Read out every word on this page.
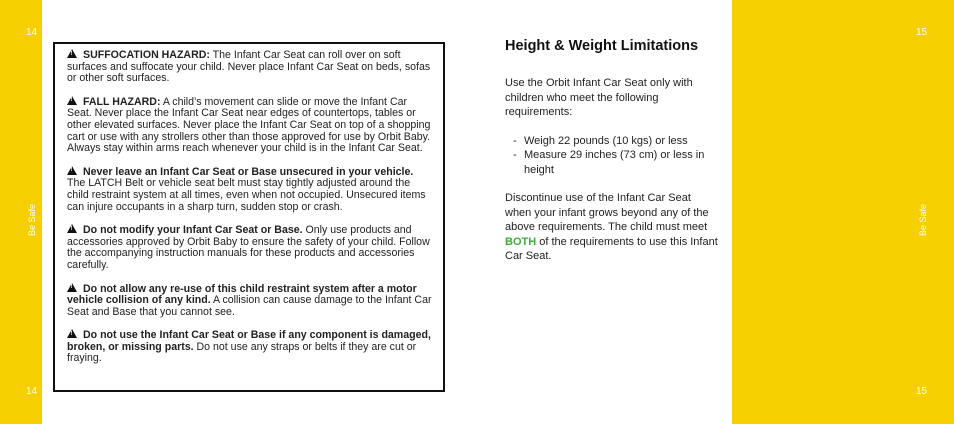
14
Be Safe
14

!SUFFOCATION HAZARD: The Infant Car Seat can roll over on soft surfaces and suffocate your child. Never place Infant Car Seat on beds, sofas or other soft surfaces.

!FALL HAZARD: A child’s movement can slide or move the Infant Car Seat. Never place the Infant Car Seat near edges of countertops, tables or other elevated surfaces. Never place the Infant Car Seat on top of a shopping cart or use with any strollers other than those approved for use by Orbit Baby. Always stay within arms reach whenever your child is in the Infant Car Seat.

!Never leave an Infant Car Seat or Base unsecured in your vehicle. The LATCH Belt or vehicle seat belt must stay tightly adjusted around the child restraint system at all times, even when not occupied. Unsecured items can injure occupants in a sharp turn, sudden stop or crash.

!Do not modify your Infant Car Seat or Base. Only use products and accessories approved by Orbit Baby to ensure the safety of your child. Follow the accompanying instruction manuals for these products and accessories carefully.

!Do not allow any re-use of this child restraint system after a motor vehicle collision of any kind. A collision can cause damage to the Infant Car Seat and Base that you cannot see.

!Do not use the Infant Car Seat or Base if any component is damaged, broken, or missing parts. Do not use any straps or belts if they are cut or fraying.

Height & Weight Limitations

Use the Orbit Infant Car Seat only with children who meet the following requirements:

- Weigh 22 pounds (10 kgs) or less
- Measure 29 inches (73 cm) or less in height

Discontinue use of the Infant Car Seat when your infant grows beyond any of the above requirements. The child must meet BOTH of the requirements to use this Infant Car Seat.

15
Be Safe
15
